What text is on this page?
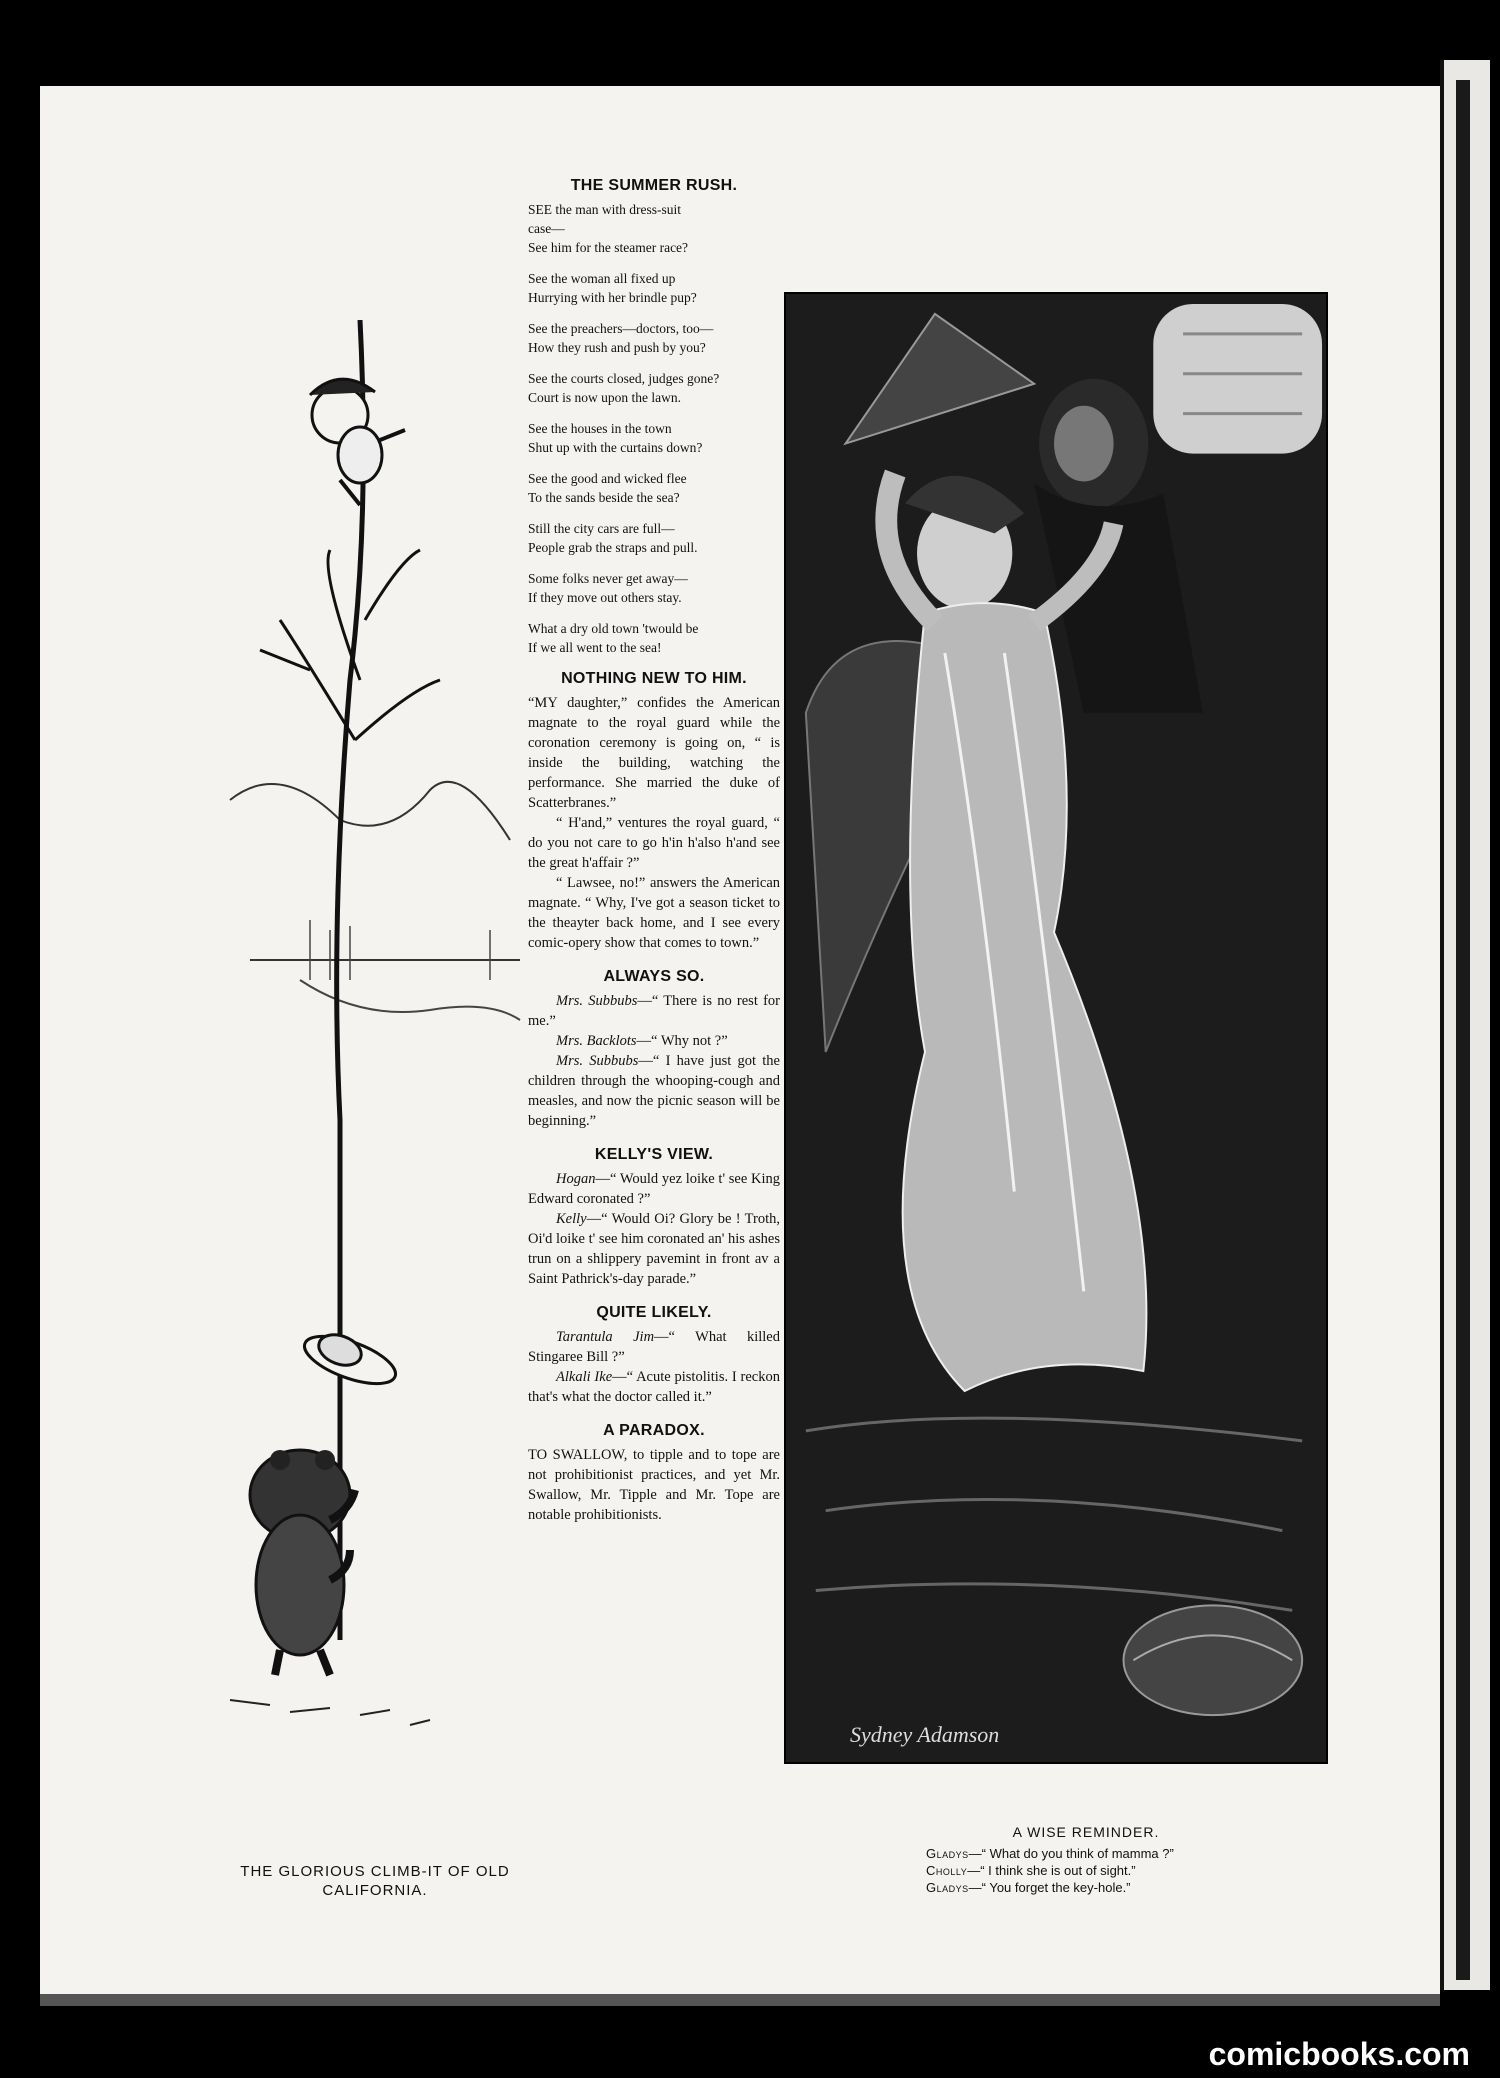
THE GLORIOUS CLIMB-IT OF OLD
CALIFORNIA.
THE SUMMER RUSH.
SEE the man with dress-suit
case—
See him for the steamer race?
See the woman all fixed up
Hurrying with her brindle pup?
See the preachers—doctors, too—
How they rush and push by you?
See the courts closed, judges gone?
Court is now upon the lawn.
See the houses in the town
Shut up with the curtains down?
See the good and wicked flee
To the sands beside the sea?
Still the city cars are full—
People grab the straps and pull.
Some folks never get away—
If they move out others stay.
What a dry old town 'twould be
If we all went to the sea!
NOTHING NEW TO HIM.

“MY daughter,” confides the American magnate to the royal guard while the coronation ceremony is going on, “ is inside the building, watching the performance. She married the duke of Scatterbranes.”

“ H'and,” ventures the royal guard, “ do you not care to go h'in h'also h'and see the great h'affair ?”

“ Lawsee, no!” answers the American magnate. “ Why, I've got a season ticket to the theayter back home, and I see every comic-opery show that comes to town.”

ALWAYS SO.

Mrs. Subbubs—“ There is no rest for me.”

Mrs. Backlots—“ Why not ?”

Mrs. Subbubs—“ I have just got the children through the whooping-cough and measles, and now the picnic season will be beginning.”

KELLY'S VIEW.

Hogan—“ Would yez loike t' see King Edward coronated ?”

Kelly—“ Would Oi? Glory be ! Troth, Oi'd loike t' see him coronated an' his ashes trun on a shlippery pavemint in front av a Saint Pathrick's-day parade.”

QUITE LIKELY.

Tarantula Jim—“ What killed Stingaree Bill ?”

Alkali Ike—“ Acute pistolitis. I reckon that's what the doctor called it.”

A PARADOX.

TO SWALLOW, to tipple and to tope are not prohibitionist practices, and yet Mr. Swallow, Mr. Tipple and Mr. Tope are notable prohibitionists.

Sydney Adamson
A WISE REMINDER.
Gladys—“ What do you think of mamma ?”
Cholly—“ I think she is out of sight.”
Gladys—“ You forget the key-hole.”
comicbooks.com
